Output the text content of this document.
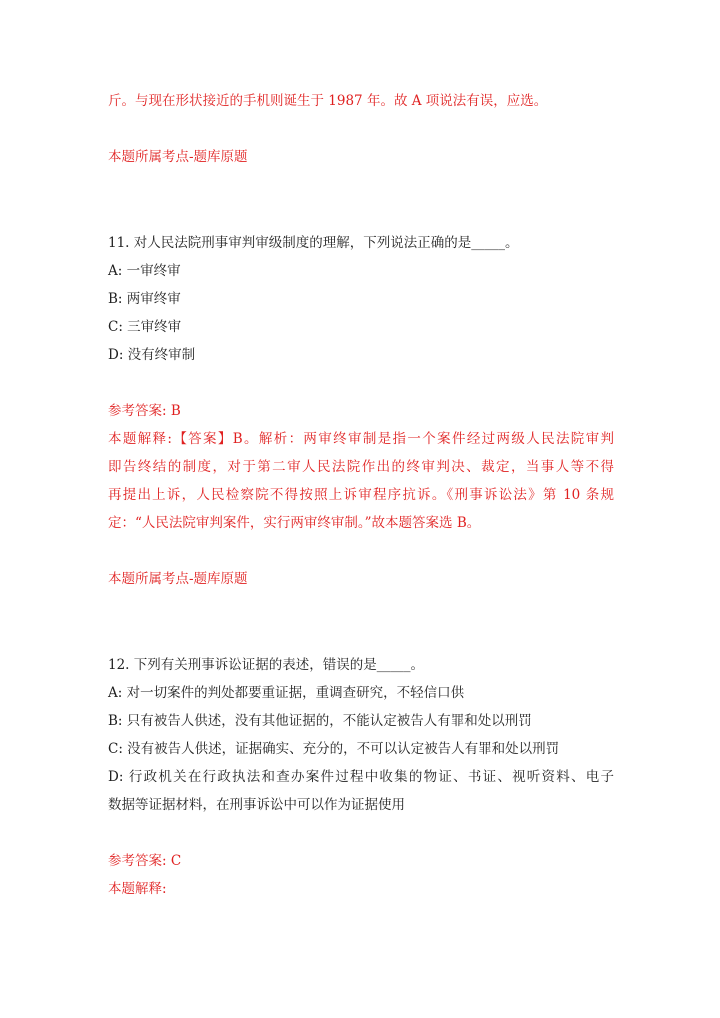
斤。与现在形状接近的手机则诞生于 1987 年。故 A 项说法有误，应选。
本题所属考点-题库原题
11. 对人民法院刑事审判审级制度的理解，下列说法正确的是_____。
A: 一审终审
B: 两审终审
C: 三审终审
D: 没有终审制
参考答案: B
本题解释:【答案】B。解析：两审终审制是指一个案件经过两级人民法院审判
即告终结的制度，对于第二审人民法院作出的终审判决、裁定，当事人等不得
再提出上诉，人民检察院不得按照上诉审程序抗诉。《刑事诉讼法》第 10 条规
定：“人民法院审判案件，实行两审终审制。”故本题答案选 B。
本题所属考点-题库原题
12. 下列有关刑事诉讼证据的表述，错误的是_____。
A: 对一切案件的判处都要重证据，重调查研究，不轻信口供
B: 只有被告人供述，没有其他证据的，不能认定被告人有罪和处以刑罚
C: 没有被告人供述，证据确实、充分的，不可以认定被告人有罪和处以刑罚
D: 行政机关在行政执法和查办案件过程中收集的物证、书证、视听资料、电子
数据等证据材料，在刑事诉讼中可以作为证据使用
参考答案: C
本题解释:
